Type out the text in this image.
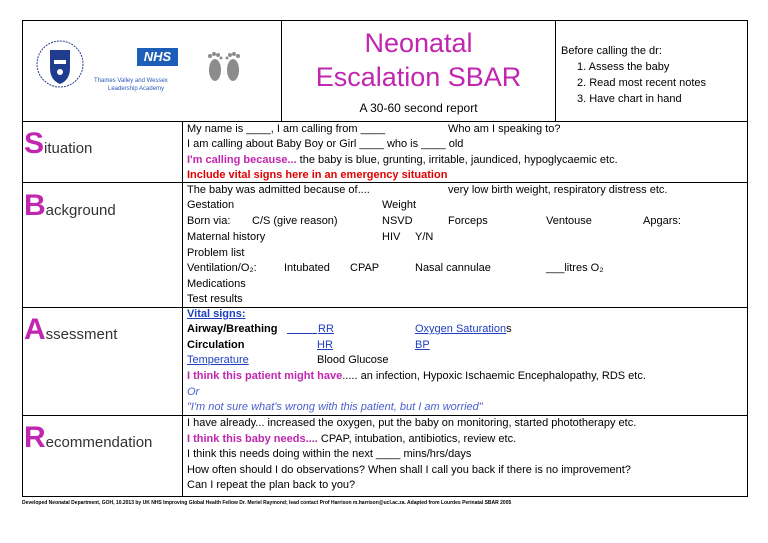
NHS
Thames Valley and Wessex
Leadership Academy
Neonatal
Escalation SBAR
A 30-60 second report
Before calling the dr:
1. Assess the baby
2. Read most recent notes
3. Have chart in hand
Situation
My name is ____, I am calling from ____	Who am I speaking to?
I am calling about Baby Boy or Girl ____ who is ____ old
I'm calling because... the baby is blue, grunting, irritable, jaundiced, hypoglycaemic etc.
Include vital signs here in an emergency situation
Background
The baby was admitted because of....	very low birth weight, respiratory distress etc.
Gestation	Weight
Born via: C/S (give reason)	NSVD	Forceps	Ventouse	Apgars:
Maternal history	HIV Y/N
Problem list
Ventilation/O₂: Intubated CPAP	Nasal cannulae	___litres O₂
Medications
Test results
Assessment
Vital signs:
Airway/Breathing	RR	Oxygen Saturations
Circulation	HR	BP
Temperature	Blood Glucose
I think this patient might have..... an infection, Hypoxic Ischaemic Encephalopathy, RDS etc.
Or
"I'm not sure what's wrong with this patient, but I am worried"
Recommendation
I have already... increased the oxygen, put the baby on monitoring, started phototherapy etc.
I think this baby needs.... CPAP, intubation, antibiotics, review etc.
I think this needs doing within the next ____ mins/hrs/days
How often should I do observations? When shall I call you back if there is no improvement?
Can I repeat the plan back to you?
Developed Neonatal Department, GOH, 10.2013 by UK NHS Improving Global Health Fellow Dr. Meriel Raymond; lead contact Prof Harrison m.harrison@ucl.ac.za. Adapted from Lourdes Perinatal SBAR 2005
